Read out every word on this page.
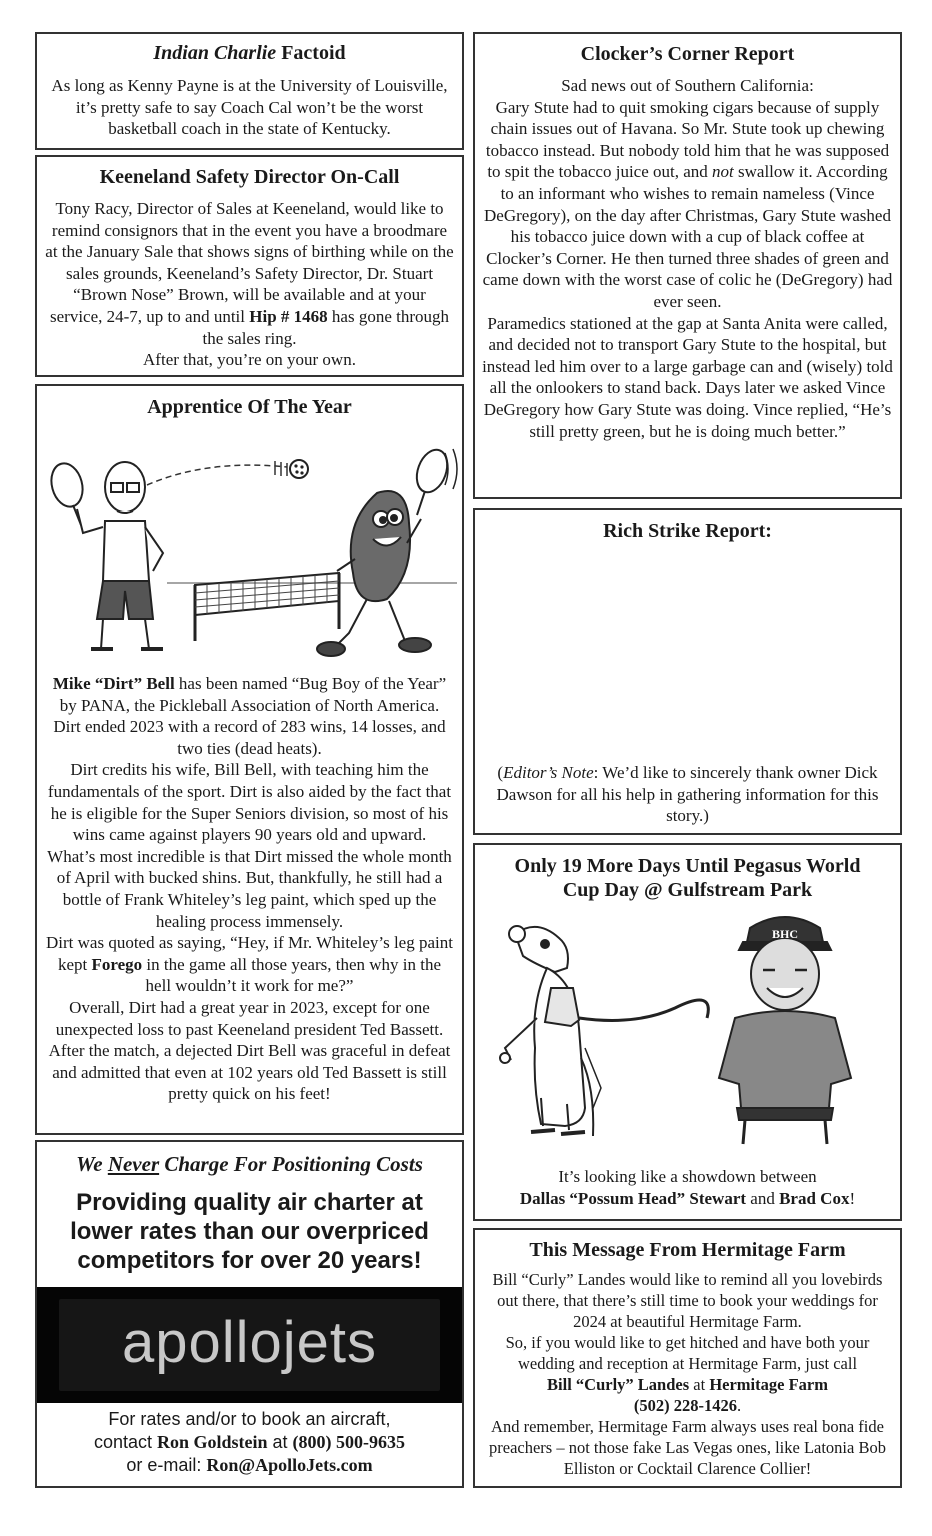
Indian Charlie Factoid
As long as Kenny Payne is at the University of Louisville, it’s pretty safe to say Coach Cal won’t be the worst basketball coach in the state of Kentucky.
Keeneland Safety Director On-Call

Tony Racy, Director of Sales at Keeneland, would like to remind consignors that in the event you have a broodmare at the January Sale that shows signs of birthing while on the sales grounds, Keeneland’s Safety Director, Dr. Stuart “Brown Nose” Brown, will be available and at your service, 24-7, up to and until Hip # 1468 has gone through the sales ring.

After that, you’re on your own.

Apprentice Of The Year

Mike “Dirt” Bell has been named “Bug Boy of the Year” by PANA, the Pickleball Association of North America. Dirt ended 2023 with a record of 283 wins, 14 losses, and two ties (dead heats).

Dirt credits his wife, Bill Bell, with teaching him the fundamentals of the sport. Dirt is also aided by the fact that he is eligible for the Super Seniors division, so most of his wins came against players 90 years old and upward.

What’s most incredible is that Dirt missed the whole month of April with bucked shins. But, thankfully, he still had a bottle of Frank Whiteley’s leg paint, which sped up the healing process immensely.

Dirt was quoted as saying, “Hey, if Mr. Whiteley’s leg paint kept Forego in the game all those years, then why in the hell wouldn’t it work for me?”

Overall, Dirt had a great year in 2023, except for one unexpected loss to past Keeneland president Ted Bassett. After the match, a dejected Dirt Bell was graceful in defeat and admitted that even at 102 years old Ted Bassett is still pretty quick on his feet!

We Never Charge For Positioning Costs
Providing quality air charter at lower rates than our overpriced competitors for over 20 years!
apollojets
For rates and/or to book an aircraft,
contact Ron Goldstein at (800) 500-9635
or e-mail: Ron@ApolloJets.com
Clocker’s Corner Report

Sad news out of Southern California:

Gary Stute had to quit smoking cigars because of supply chain issues out of Havana. So Mr. Stute took up chewing tobacco instead. But nobody told him that he was supposed to spit the tobacco juice out, and not swallow it. According to an informant who wishes to remain nameless (Vince DeGregory), on the day after Christmas, Gary Stute washed his tobacco juice down with a cup of black coffee at Clocker’s Corner. He then turned three shades of green and came down with the worst case of colic he (DeGregory) had ever seen.

Paramedics stationed at the gap at Santa Anita were called, and decided not to transport Gary Stute to the hospital, but instead led him over to a large garbage can and (wisely) told all the onlookers to stand back. Days later we asked Vince DeGregory how Gary Stute was doing. Vince replied, “He’s still pretty green, but he is doing much better.”

Rich Strike Report:
(Editor’s Note: We’d like to sincerely thank owner Dick Dawson for all his help in gathering information for this story.)
Only 19 More Days Until Pegasus World Cup Day @ Gulfstream Park
BHC

It’s looking like a showdown between

Dallas “Possum Head” Stewart and Brad Cox!

This Message From Hermitage Farm

Bill “Curly” Landes would like to remind all you lovebirds out there, that there’s still time to book your weddings for 2024 at beautiful Hermitage Farm.

So, if you would like to get hitched and have both your wedding and reception at Hermitage Farm, just call

Bill “Curly” Landes at Hermitage Farm

(502) 228-1426.

And remember, Hermitage Farm always uses real bona fide preachers – not those fake Las Vegas ones, like Latonia Bob Elliston or Cocktail Clarence Collier!
